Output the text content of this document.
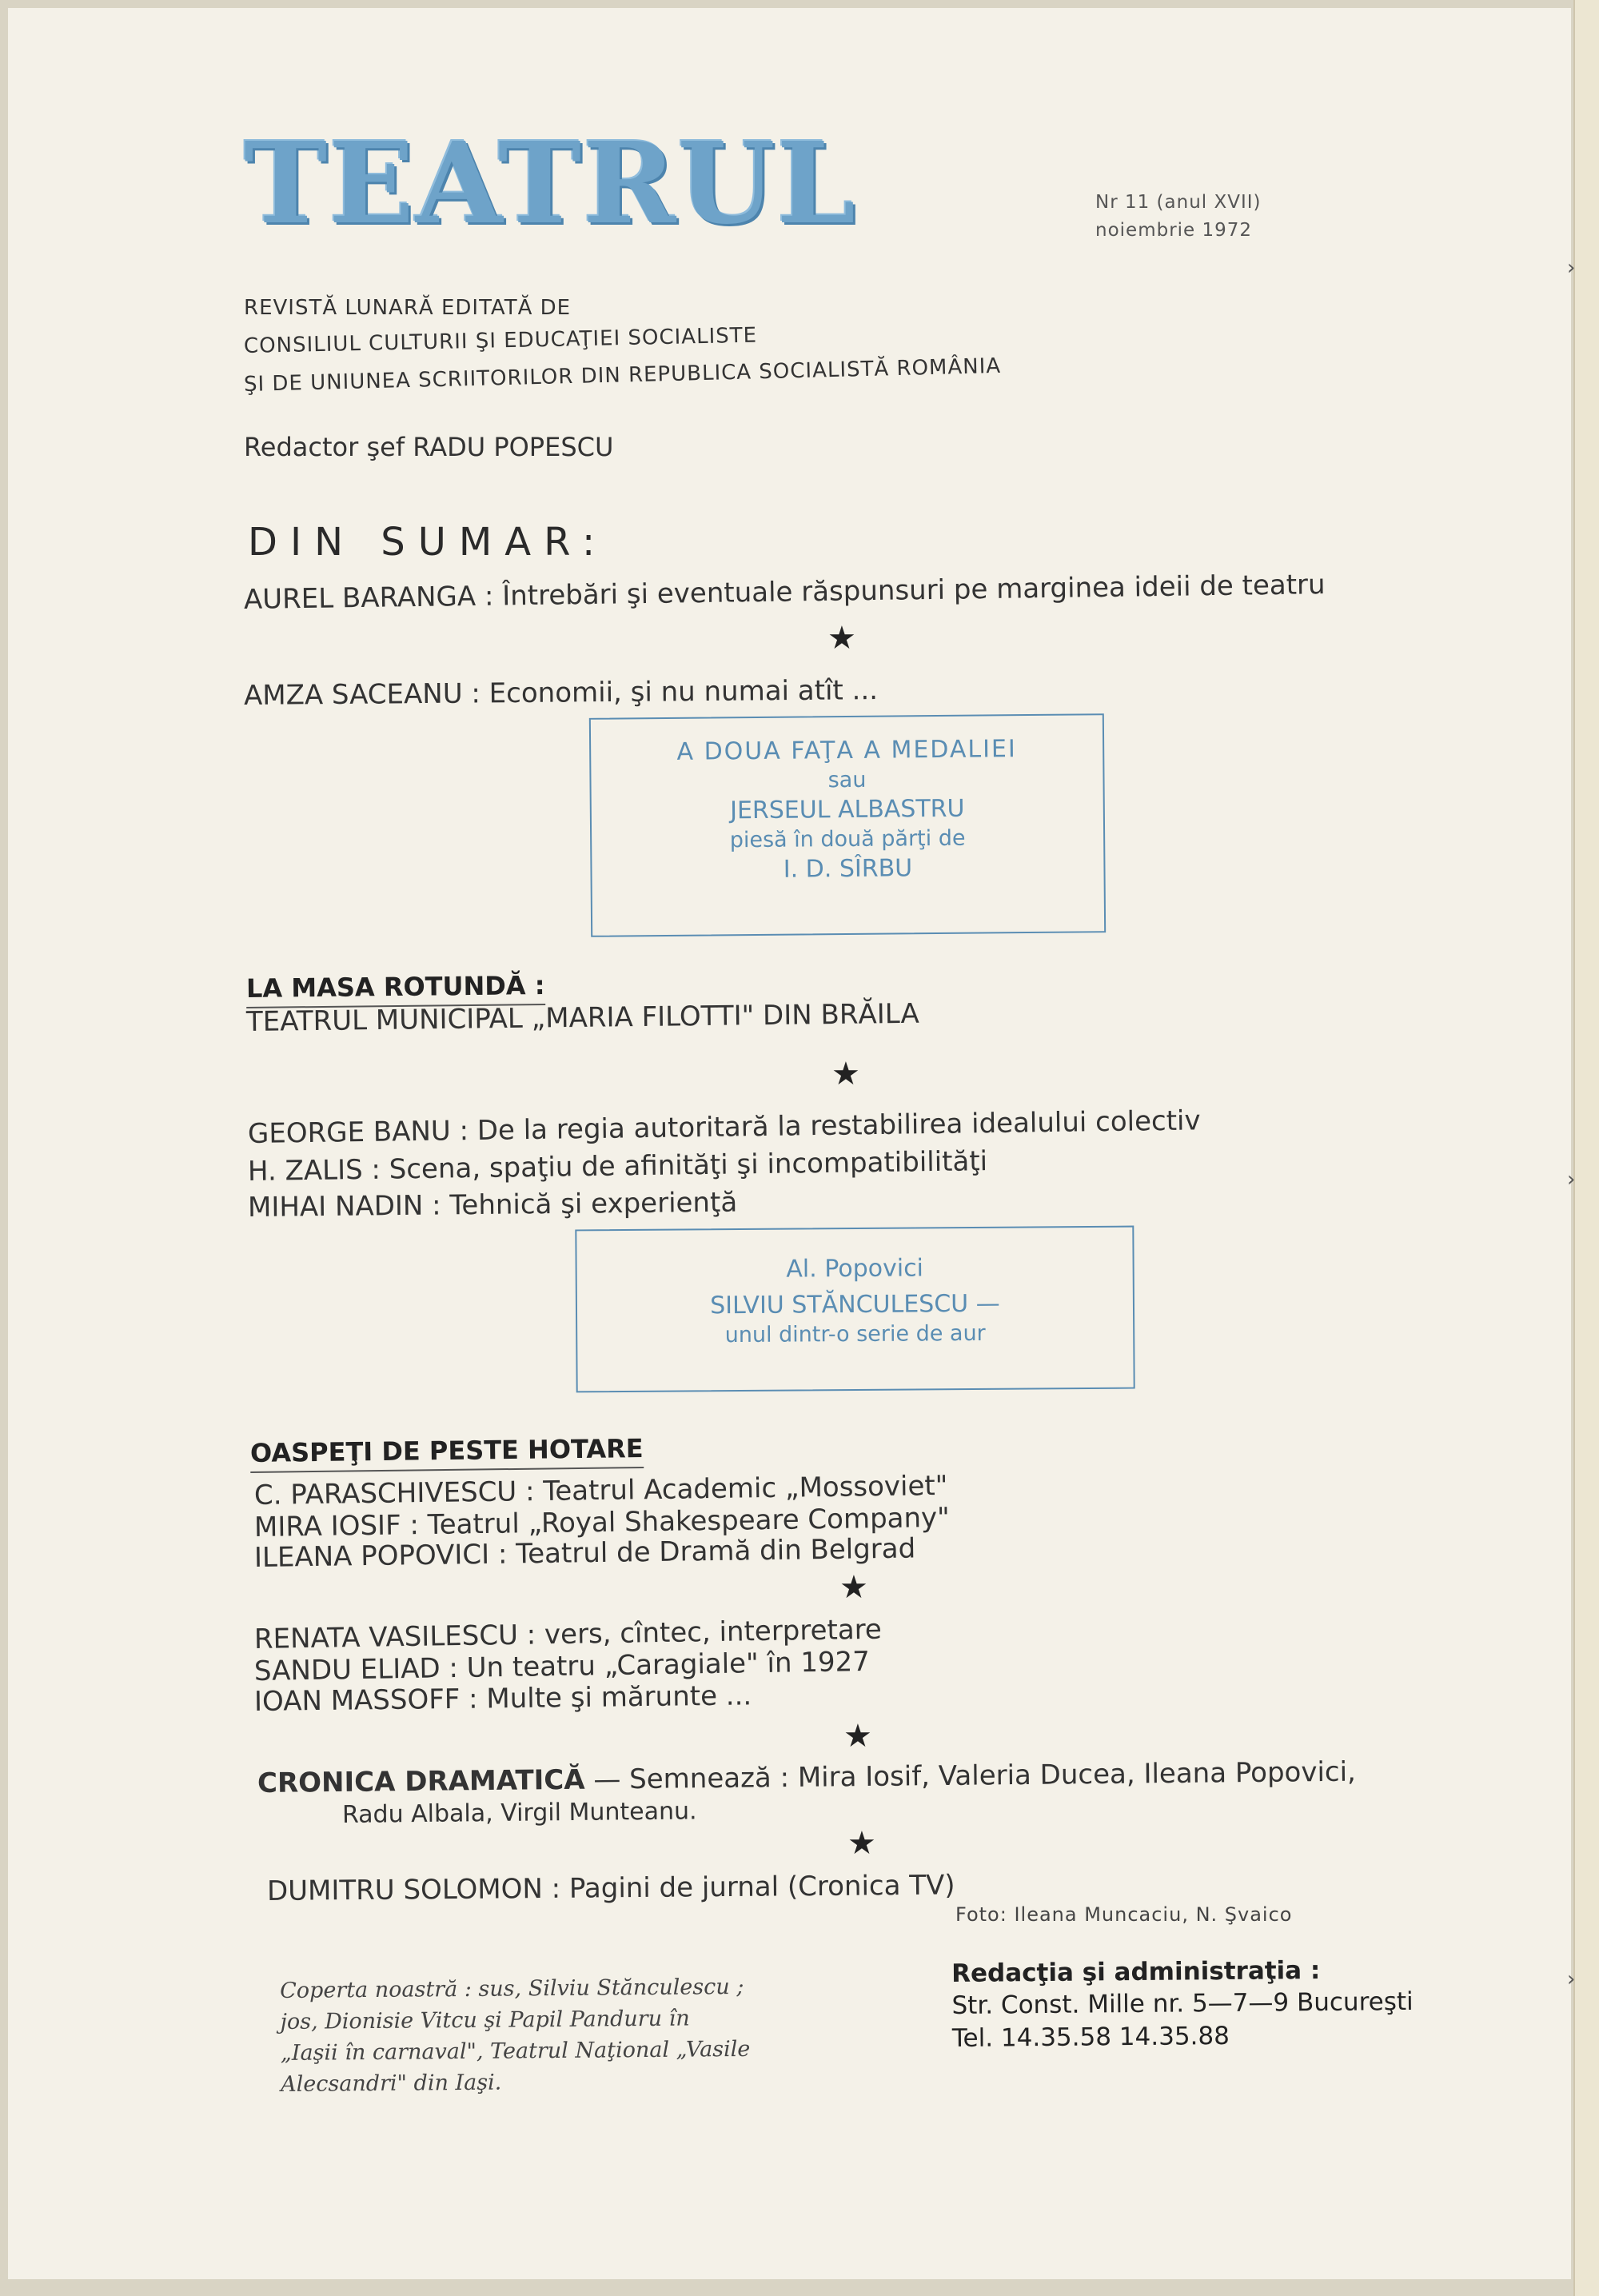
TEATRUL	Nr 11 (anul XVII)
noiembrie 1972
REVISTĂ LUNARĂ EDITATĂ DE
CONSILIUL CULTURII ŞI EDUCAŢIEI SOCIALISTE
ŞI DE UNIUNEA SCRIITORILOR DIN REPUBLICA SOCIALISTĂ ROMÂNIA
Redactor şef RADU POPESCU
DIN SUMAR:
AUREL BARANGA : Întrebări şi eventuale răspunsuri pe marginea ideii de teatru
★
AMZA SACEANU : Economii, şi nu numai atît ...
A DOUA FAŢA A MEDALIEI
sau
JERSEUL ALBASTRU
piesă în două părţi de
I. D. SÎRBU
LA MASA ROTUNDĂ :
TEATRUL MUNICIPAL „MARIA FILOTTI" DIN BRĂILA
★
GEORGE BANU : De la regia autoritară la restabilirea idealului colectiv
H. ZALIS : Scena, spaţiu de afinităţi şi incompatibilităţi
MIHAI NADIN : Tehnică şi experienţă
Al. Popovici
SILVIU STĂNCULESCU —
unul dintr-o serie de aur
OASPEŢI DE PESTE HOTARE
C. PARASCHIVESCU : Teatrul Academic „Mossoviet"
MIRA IOSIF : Teatrul „Royal Shakespeare Company"
ILEANA POPOVICI : Teatrul de Dramă din Belgrad
★
RENATA VASILESCU : vers, cîntec, interpretare
SANDU ELIAD : Un teatru „Caragiale" în 1927
IOAN MASSOFF : Multe şi mărunte ...
★
CRONICA DRAMATICĂ — Semnează : Mira Iosif, Valeria Ducea, Ileana Popovici,
Radu Albala, Virgil Munteanu.
★
DUMITRU SOLOMON : Pagini de jurnal (Cronica TV)
Foto: Ileana Muncaciu, N. Şvaico
Coperta noastră : sus, Silviu Stănculescu ;
jos, Dionisie Vitcu şi Papil Panduru în
„Iaşii în carnaval", Teatrul Naţional „Vasile
Alecsandri" din Iaşi.
Redacţia şi administraţia :
Str. Const. Mille nr. 5—7—9 Bucureşti
Tel. 14.35.58 14.35.88
›
›
›
